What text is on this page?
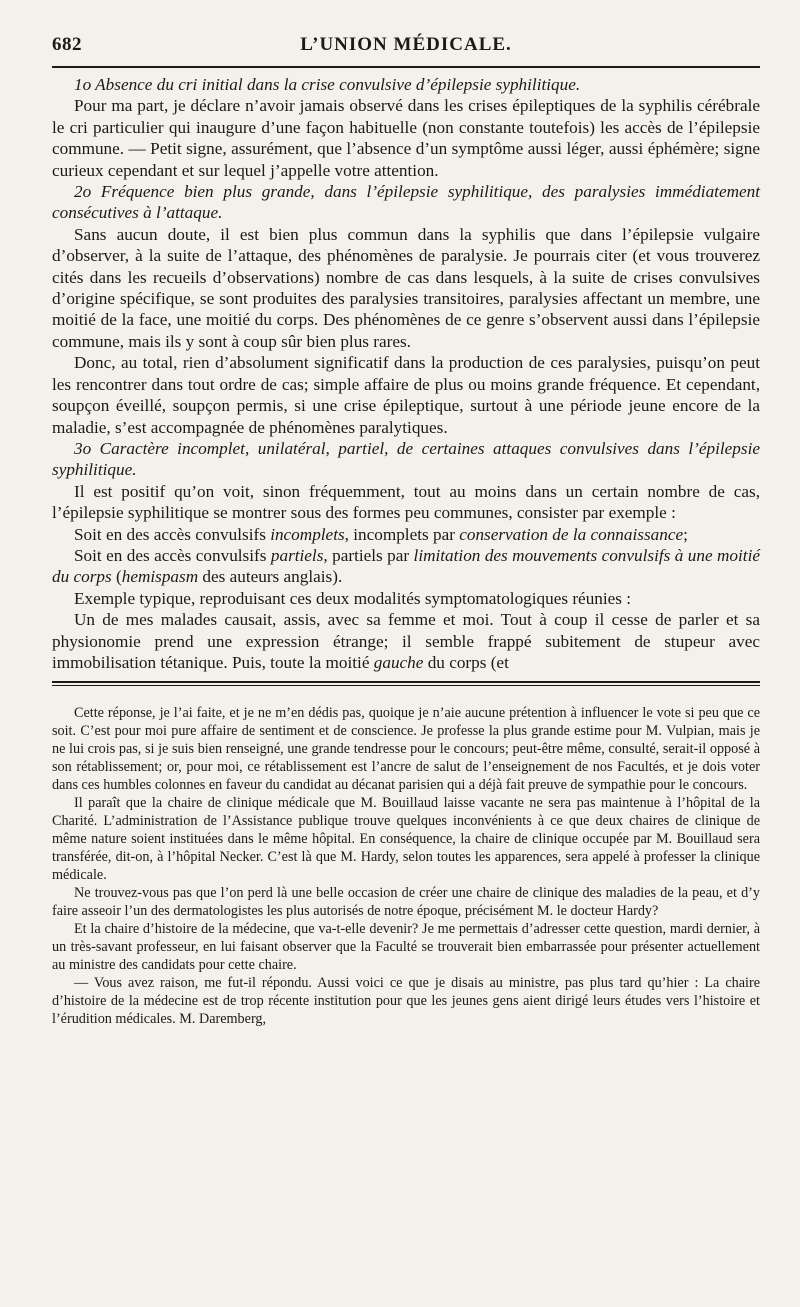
682	L’UNION MÉDICALE.

1o Absence du cri initial dans la crise convulsive d’épilepsie syphilitique.

Pour ma part, je déclare n’avoir jamais observé dans les crises épileptiques de la syphilis cérébrale le cri particulier qui inaugure d’une façon habituelle (non constante toutefois) les accès de l’épilepsie commune. — Petit signe, assurément, que l’absence d’un symptôme aussi léger, aussi éphémère; signe curieux cependant et sur lequel j’appelle votre attention.

2o Fréquence bien plus grande, dans l’épilepsie syphilitique, des paralysies immédiatement consécutives à l’attaque.

Sans aucun doute, il est bien plus commun dans la syphilis que dans l’épilepsie vulgaire d’observer, à la suite de l’attaque, des phénomènes de paralysie. Je pourrais citer (et vous trouverez cités dans les recueils d’observations) nombre de cas dans lesquels, à la suite de crises convulsives d’origine spécifique, se sont produites des paralysies transitoires, paralysies affectant un membre, une moitié de la face, une moitié du corps. Des phénomènes de ce genre s’observent aussi dans l’épilepsie commune, mais ils y sont à coup sûr bien plus rares.

Donc, au total, rien d’absolument significatif dans la production de ces paralysies, puisqu’on peut les rencontrer dans tout ordre de cas; simple affaire de plus ou moins grande fréquence. Et cependant, soupçon éveillé, soupçon permis, si une crise épileptique, surtout à une période jeune encore de la maladie, s’est accompagnée de phénomènes paralytiques.

3o Caractère incomplet, unilatéral, partiel, de certaines attaques convulsives dans l’épilepsie syphilitique.

Il est positif qu’on voit, sinon fréquemment, tout au moins dans un certain nombre de cas, l’épilepsie syphilitique se montrer sous des formes peu communes, consister par exemple :

Soit en des accès convulsifs incomplets, incomplets par conservation de la connaissance;

Soit en des accès convulsifs partiels, partiels par limitation des mouvements convulsifs à une moitié du corps (hemispasm des auteurs anglais).

Exemple typique, reproduisant ces deux modalités symptomatologiques réunies :

Un de mes malades causait, assis, avec sa femme et moi. Tout à coup il cesse de parler et sa physionomie prend une expression étrange; il semble frappé subitement de stupeur avec immobilisation tétanique. Puis, toute la moitié gauche du corps (et

Cette réponse, je l’ai faite, et je ne m’en dédis pas, quoique je n’aie aucune prétention à influencer le vote si peu que ce soit. C’est pour moi pure affaire de sentiment et de conscience. Je professe la plus grande estime pour M. Vulpian, mais je ne lui crois pas, si je suis bien renseigné, une grande tendresse pour le concours; peut-être même, consulté, serait-il opposé à son rétablissement; or, pour moi, ce rétablissement est l’ancre de salut de l’enseignement de nos Facultés, et je dois voter dans ces humbles colonnes en faveur du candidat au décanat parisien qui a déjà fait preuve de sympathie pour le concours.

Il paraît que la chaire de clinique médicale que M. Bouillaud laisse vacante ne sera pas maintenue à l’hôpital de la Charité. L’administration de l’Assistance publique trouve quelques inconvénients à ce que deux chaires de clinique de même nature soient instituées dans le même hôpital. En conséquence, la chaire de clinique occupée par M. Bouillaud sera transférée, dit-on, à l’hôpital Necker. C’est là que M. Hardy, selon toutes les apparences, sera appelé à professer la clinique médicale.

Ne trouvez-vous pas que l’on perd là une belle occasion de créer une chaire de clinique des maladies de la peau, et d’y faire asseoir l’un des dermatologistes les plus autorisés de notre époque, précisément M. le docteur Hardy?

Et la chaire d’histoire de la médecine, que va-t-elle devenir? Je me permettais d’adresser cette question, mardi dernier, à un très-savant professeur, en lui faisant observer que la Faculté se trouverait bien embarrassée pour présenter actuellement au ministre des candidats pour cette chaire.

— Vous avez raison, me fut-il répondu. Aussi voici ce que je disais au ministre, pas plus tard qu’hier : La chaire d’histoire de la médecine est de trop récente institution pour que les jeunes gens aient dirigé leurs études vers l’histoire et l’érudition médicales. M. Daremberg,
